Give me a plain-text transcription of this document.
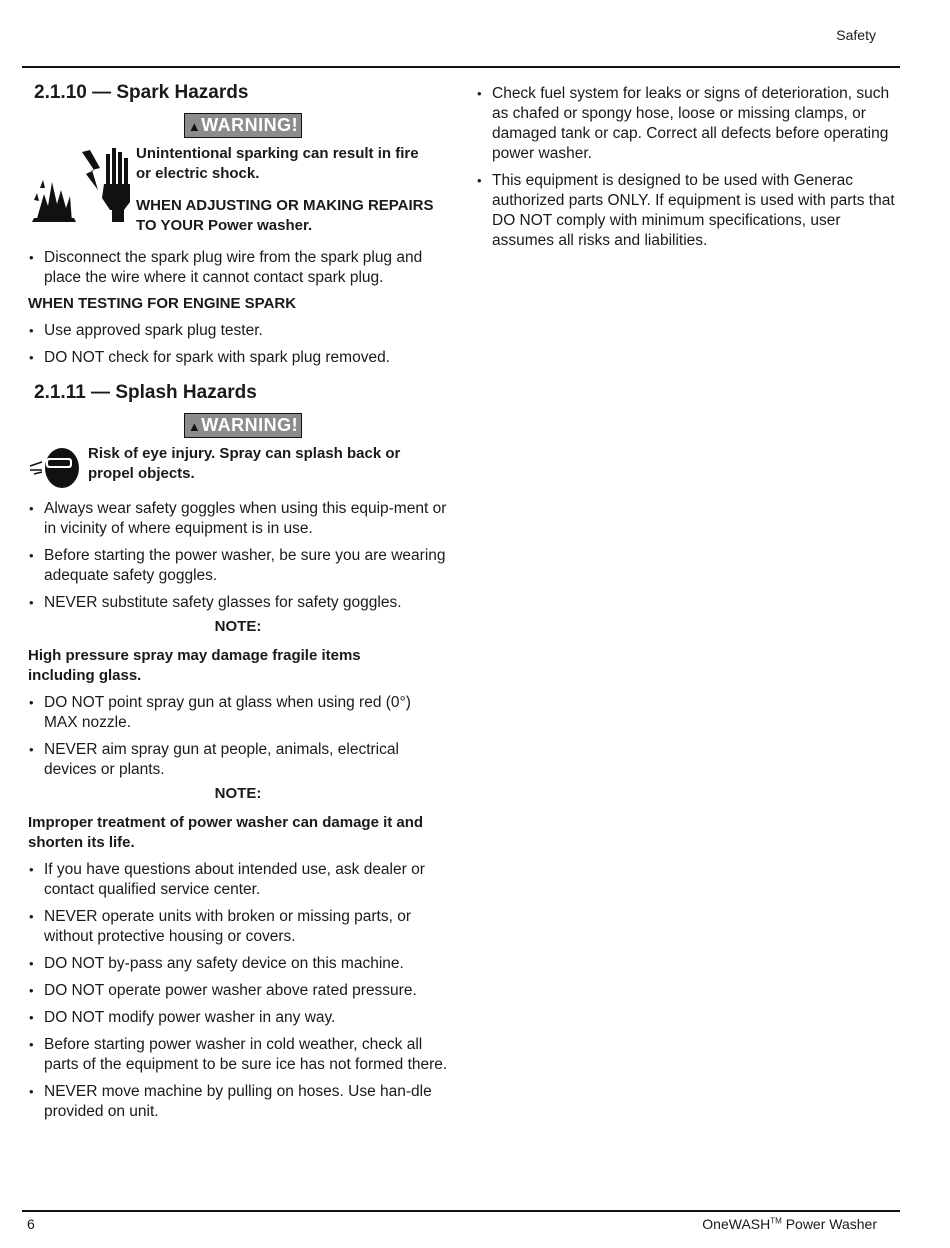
Safety
2.1.10 — Spark Hazards
▲WARNING!

Unintentional sparking can result in fire or electric shock.

WHEN ADJUSTING OR MAKING REPAIRS TO YOUR Power washer.

• Disconnect the spark plug wire from the spark plug and place the wire where it cannot contact spark plug.

WHEN TESTING FOR ENGINE SPARK

• Use approved spark plug tester.
• DO NOT check for spark with spark plug removed.
2.1.11 — Splash Hazards
▲WARNING!
Risk of eye injury. Spray can splash back or propel objects.
• Always wear safety goggles when using this equip-ment or in vicinity of where equipment is in use.
• Before starting the power washer, be sure you are wearing adequate safety goggles.
• NEVER substitute safety glasses for safety goggles.
NOTE:

High pressure spray may damage fragile items including glass.

• DO NOT point spray gun at glass when using red (0°) MAX nozzle.
• NEVER aim spray gun at people, animals, electrical devices or plants.
NOTE:

Improper treatment of power washer can damage it and shorten its life.

• If you have questions about intended use, ask dealer or contact qualified service center.
• NEVER operate units with broken or missing parts, or without protective housing or covers.
• DO NOT by-pass any safety device on this machine.
• DO NOT operate power washer above rated pressure.
• DO NOT modify power washer in any way.
• Before starting power washer in cold weather, check all parts of the equipment to be sure ice has not formed there.
• NEVER move machine by pulling on hoses. Use han-dle provided on unit.
• Check fuel system for leaks or signs of deterioration, such as chafed or spongy hose, loose or missing clamps, or damaged tank or cap. Correct all defects before operating power washer.
• This equipment is designed to be used with Generac authorized parts ONLY. If equipment is used with parts that DO NOT comply with minimum specifications, user assumes all risks and liabilities.
6	OneWASH™ Power Washer
